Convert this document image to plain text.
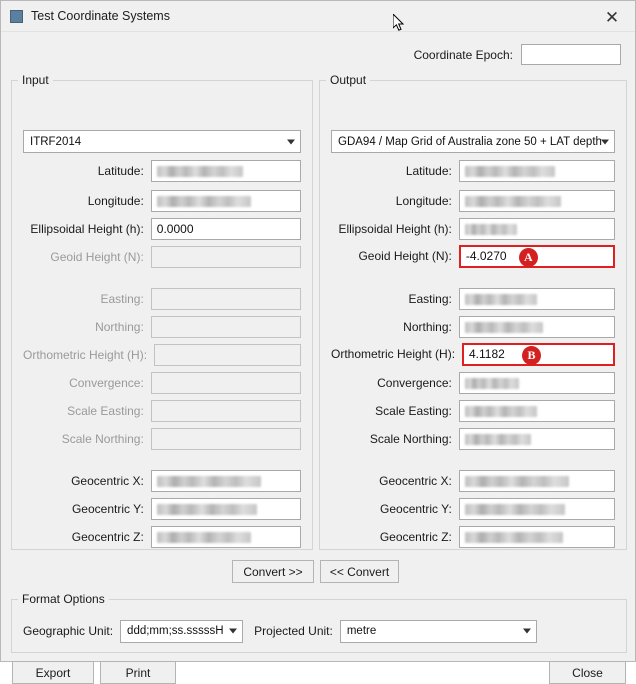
Test Coordinate Systems	✕
Coordinate Epoch:
Input
ITRF2014
Latitude:
Longitude:
Ellipsoidal Height (h):	0.0000
Geoid Height (N):
Easting:
Northing:
Orthometric Height (H):
Convergence:
Scale Easting:
Scale Northing:
Geocentric X:
Geocentric Y:
Geocentric Z:
Output
GDA94 / Map Grid of Australia zone 50 + LAT depth
Latitude:
Longitude:
Ellipsoidal Height (h):
Geoid Height (N):	-4.0270	A
Easting:
Northing:
Orthometric Height (H):	4.1182	B
Convergence:
Scale Easting:
Scale Northing:
Geocentric X:
Geocentric Y:
Geocentric Z:
Convert >>	<< Convert
Format Options
Geographic Unit:	ddd;mm;ss.sssssH	Projected Unit:	metre
Export	Print	Close
